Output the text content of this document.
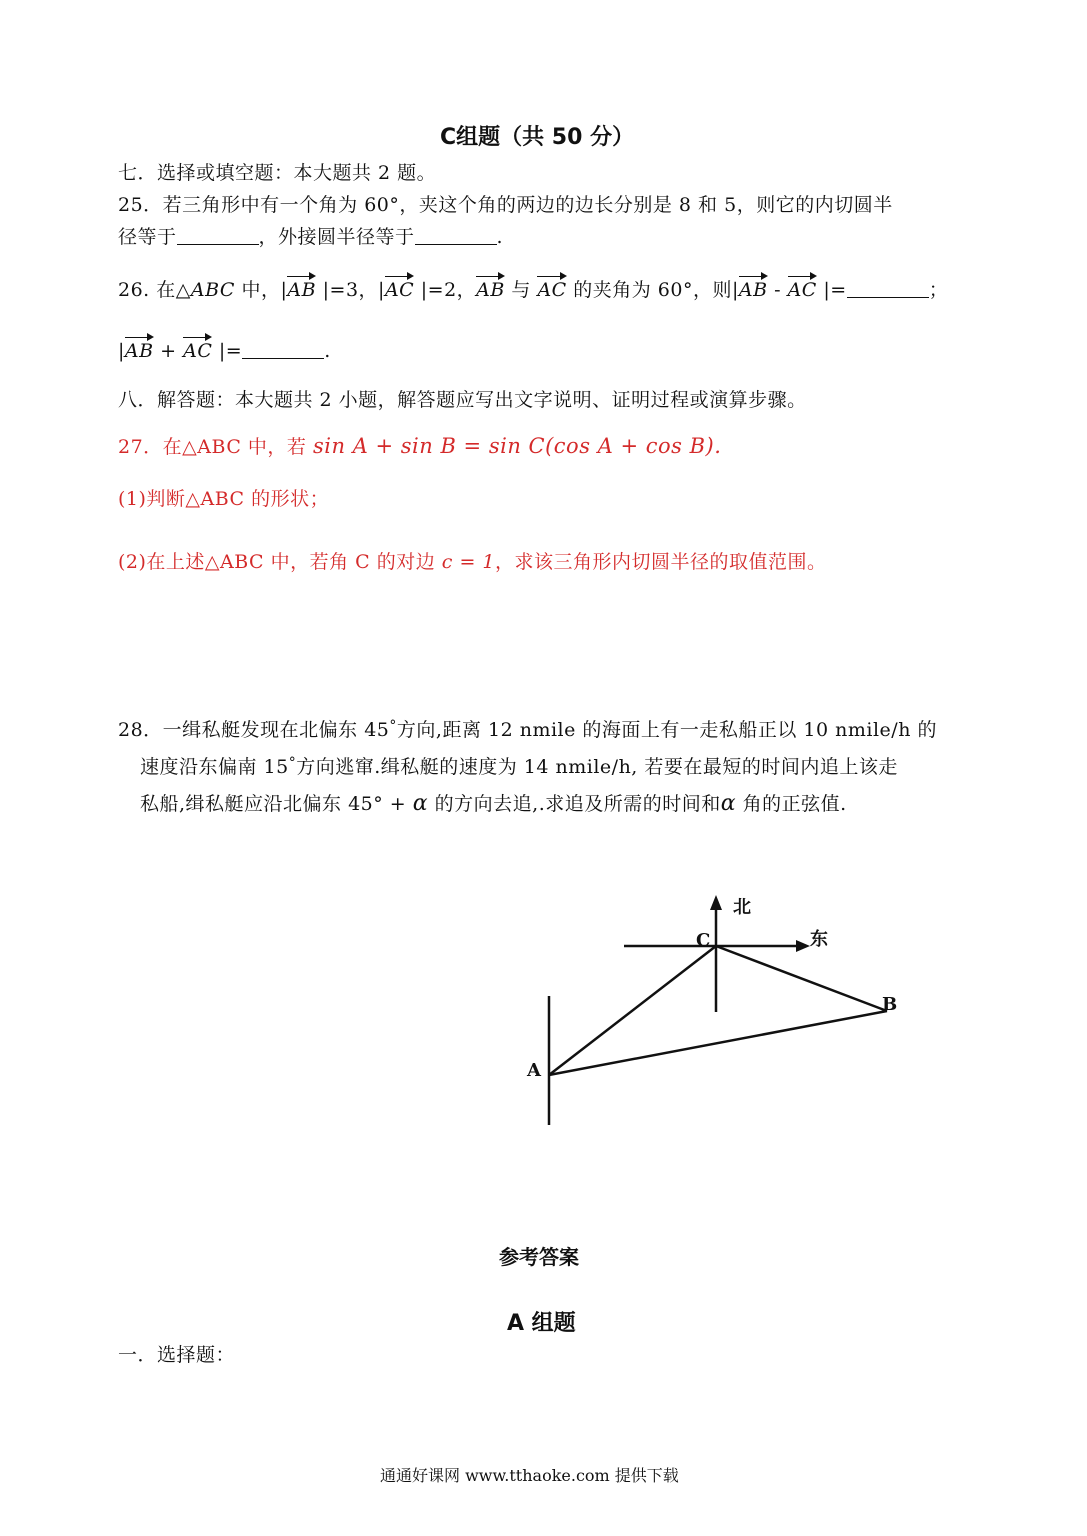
C组题（共 50 分）
七．选择或填空题：本大题共 2 题。
25．若三角形中有一个角为 60°，夹这个角的两边的边长分别是 8 和 5，则它的内切圆半
径等于	，外接圆半径等于	.
26. 在△ABC 中，|AB |=3，|AC |=2，AB 与 AC 的夹角为 60°，则|AB - AC |=	；
|AB + AC |=	.
八．解答题：本大题共 2 小题，解答题应写出文字说明、证明过程或演算步骤。
27．在△ABC 中，若 sin A + sin B = sin C(cos A + cos B).
(1)判断△ABC 的形状；
(2)在上述△ABC 中，若角 C 的对边 c = 1，求该三角形内切圆半径的取值范围。
28．一缉私艇发现在北偏东 45°方向,距离 12 nmile 的海面上有一走私船正以 10 nmile/h 的
速度沿东偏南 15°方向逃窜.缉私艇的速度为 14 nmile/h, 若要在最短的时间内追上该走
私船,缉私艇应沿北偏东 45° + α 的方向去追,.求追及所需的时间和α 角的正弦值.
北
东
C
B
A
参考答案
A 组题
一．选择题：
通通好课网 www.tthaoke.com 提供下载
